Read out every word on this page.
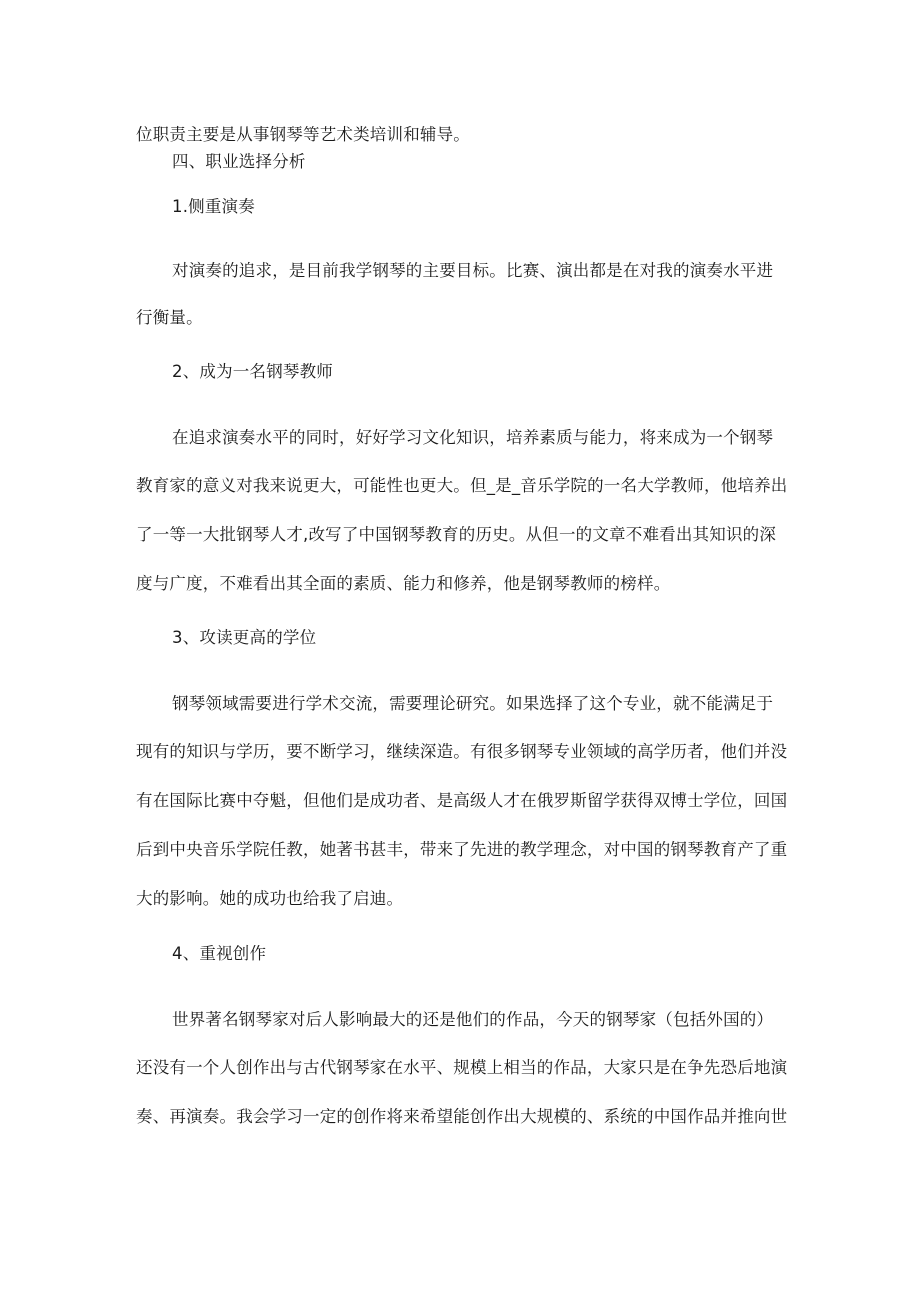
位职责主要是从事钢琴等艺术类培训和辅导。
四、职业选择分析
1.侧重演奏
对演奏的追求，是目前我学钢琴的主要目标。比赛、演出都是在对我的演奏水平进
行衡量。
2、成为一名钢琴教师
在追求演奏水平的同时，好好学习文化知识，培养素质与能力，将来成为一个钢琴
教育家的意义对我来说更大，可能性也更大。但_是_音乐学院的一名大学教师，他培养出
了一等一大批钢琴人才,改写了中国钢琴教育的历史。从但一的文章不难看出其知识的深
度与广度，不难看出其全面的素质、能力和修养，他是钢琴教师的榜样。
3、攻读更高的学位
钢琴领域需要进行学术交流，需要理论研究。如果选择了这个专业，就不能满足于
现有的知识与学历，要不断学习，继续深造。有很多钢琴专业领域的高学历者，他们并没
有在国际比赛中夺魁，但他们是成功者、是高级人才在俄罗斯留学获得双博士学位，回国
后到中央音乐学院任教，她著书甚丰，带来了先进的教学理念，对中国的钢琴教育产了重
大的影响。她的成功也给我了启迪。
4、重视创作
世界著名钢琴家对后人影响最大的还是他们的作品，今天的钢琴家（包括外国的）
还没有一个人创作出与古代钢琴家在水平、规模上相当的作品，大家只是在争先恐后地演
奏、再演奏。我会学习一定的创作将来希望能创作出大规模的、系统的中国作品并推向世
